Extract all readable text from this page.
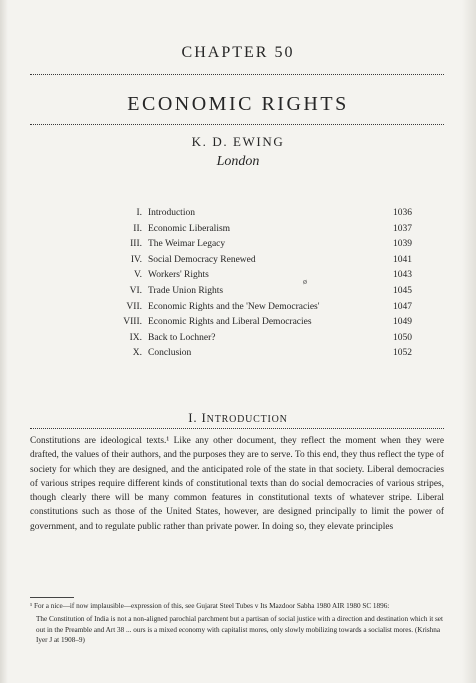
CHAPTER 50
ECONOMIC RIGHTS
K. D. EWING
London
I. Introduction	1036
II. Economic Liberalism	1037
III. The Weimar Legacy	1039
IV. Social Democracy Renewed	1041
V. Workers' Rights	1043
VI. Trade Union Rights	1045
VII. Economic Rights and the 'New Democracies'	1047
VIII. Economic Rights and Liberal Democracies	1049
IX. Back to Lochner?	1050
X. Conclusion	1052
ø
I. INTRODUCTION

Constitutions are ideological texts.¹ Like any other document, they reflect the moment when they were drafted, the values of their authors, and the purposes they are to serve. To this end, they thus reflect the type of society for which they are designed, and the anticipated role of the state in that society. Liberal democracies of various stripes require different kinds of constitutional texts than do social democracies of various stripes, though clearly there will be many common features in constitutional texts of whatever stripe. Liberal constitutions such as those of the United States, however, are designed principally to limit the power of government, and to regulate public rather than private power. In doing so, they elevate principles

¹ For a nice—if now implausible—expression of this, see Gujarat Steel Tubes v Its Mazdoor Sabha 1980 AIR 1980 SC 1896:

The Constitution of India is not a non-aligned parochial parchment but a partisan of social justice with a direction and destination which it set out in the Preamble and Art 38 ... ours is a mixed economy with capitalist mores, only slowly mobilizing towards a socialist mores. (Krishna Iyer J at 1908–9)
